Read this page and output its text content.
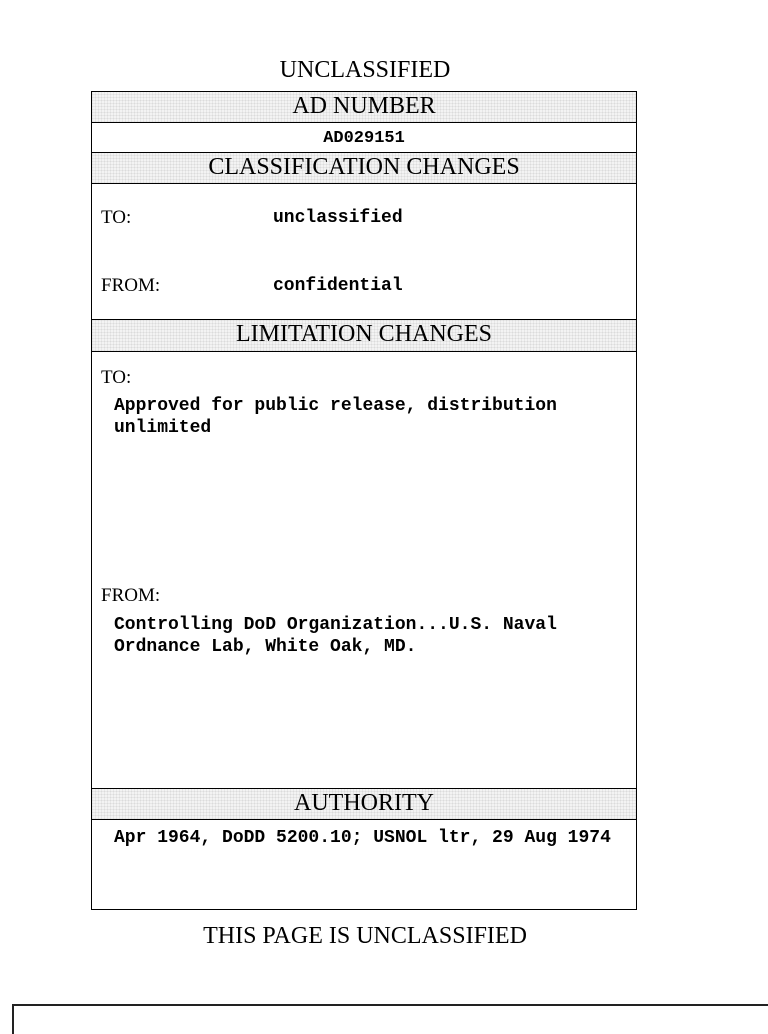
UNCLASSIFIED
AD NUMBER
AD029151
CLASSIFICATION CHANGES
TO:	unclassified
FROM:	confidential
LIMITATION CHANGES
TO:
Approved for public release, distribution unlimited
FROM:
Controlling DoD Organization...U.S. Naval Ordnance Lab, White Oak, MD.
AUTHORITY
Apr 1964, DoDD 5200.10; USNOL ltr, 29 Aug 1974
THIS PAGE IS UNCLASSIFIED
